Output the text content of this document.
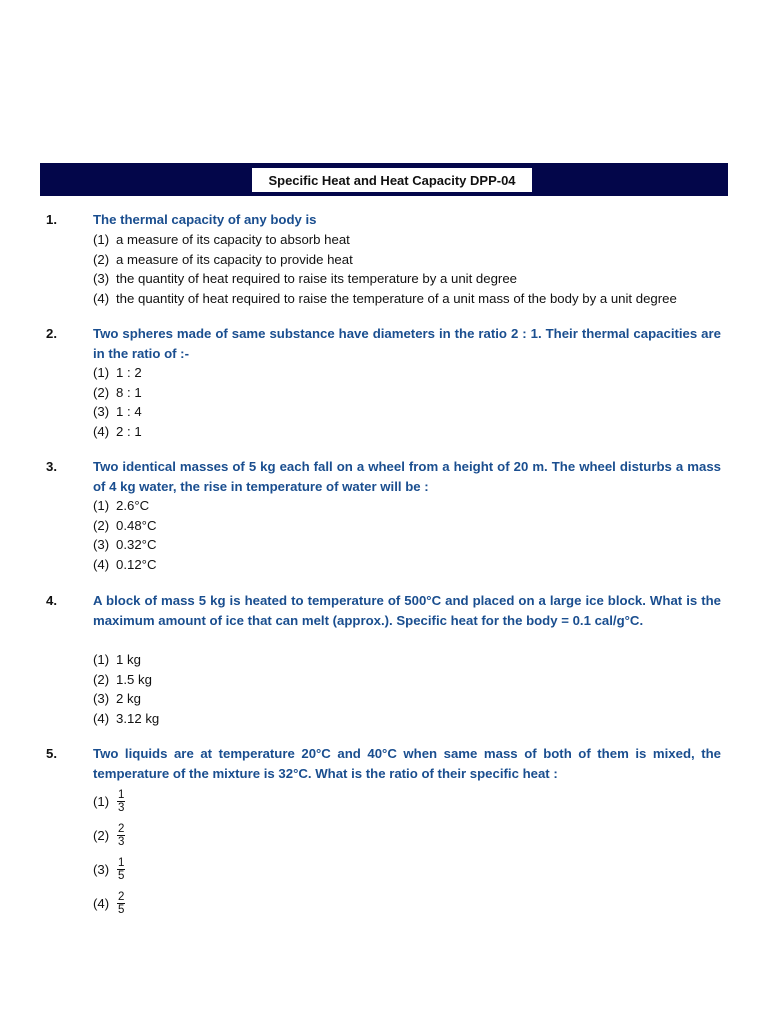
Specific Heat and Heat Capacity DPP-04
1.	The thermal capacity of any body is

(1) a measure of its capacity to absorb heat
(2) a measure of its capacity to provide heat
(3) the quantity of heat required to raise its temperature by a unit degree
(4) the quantity of heat required to raise the temperature of a unit mass of the body by a unit degree
2.	Two spheres made of same substance have diameters in the ratio 2 : 1. Their thermal capacities are in the ratio of :-

(1) 1 : 2
(2) 8 : 1
(3) 1 : 4
(4) 2 : 1
3.	Two identical masses of 5 kg each fall on a wheel from a height of 20 m. The wheel disturbs a mass of 4 kg water, the rise in temperature of water will be :

(1) 2.6°C
(2) 0.48°C
(3) 0.32°C
(4) 0.12°C
4.	A block of mass 5 kg is heated to temperature of 500°C and placed on a large ice block. What is the maximum amount of ice that can melt (approx.). Specific heat for the body = 0.1 cal/g°C.

(1) 1 kg
(2) 1.5 kg
(3) 2 kg
(4) 3.12 kg
5.	Two liquids are at temperature 20°C and 40°C when same mass of both of them is mixed, the temperature of the mixture is 32°C. What is the ratio of their specific heat :

$(1) \frac{1}{3}$
$(2) \frac{2}{3}$
$(3) \frac{1}{5}$
$(4) \frac{2}{5}$
